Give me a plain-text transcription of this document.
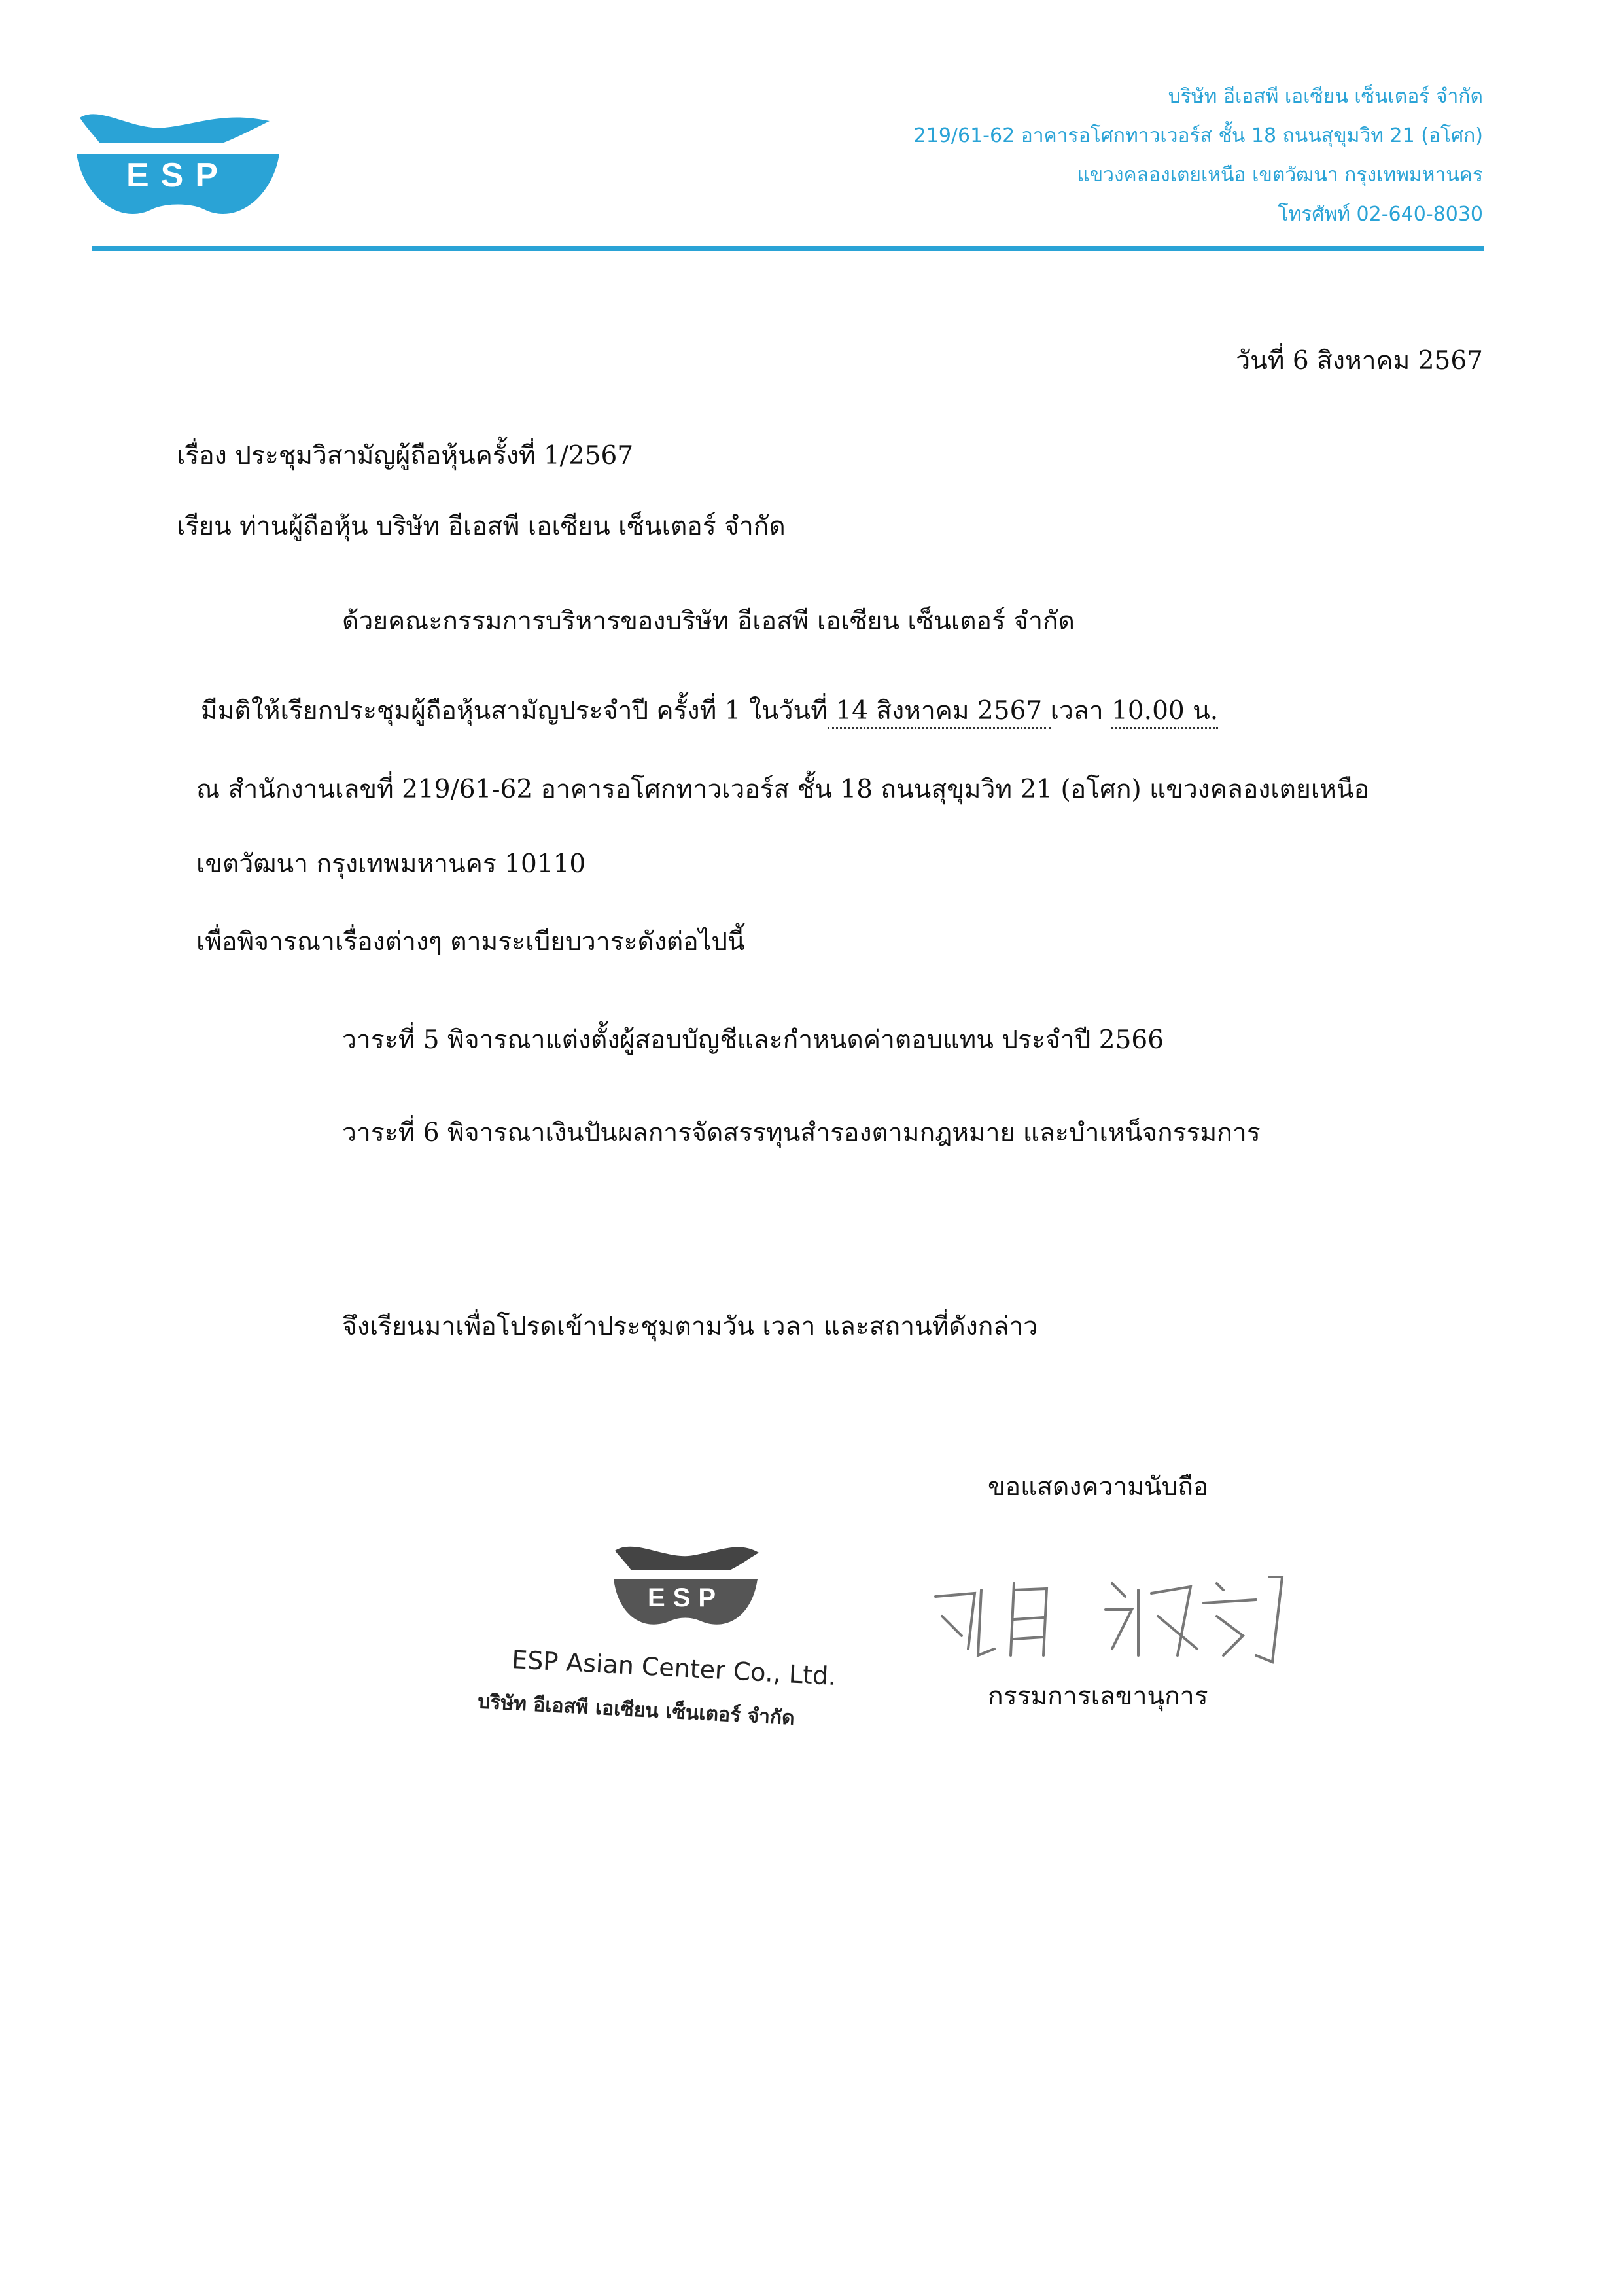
ESP
บริษัท อีเอสพี เอเซียน เซ็นเตอร์ จำกัด
219/61-62 อาคารอโศกทาวเวอร์ส ชั้น 18 ถนนสุขุมวิท 21 (อโศก)
แขวงคลองเตยเหนือ เขตวัฒนา กรุงเทพมหานคร
โทรศัพท์ 02-640-8030
วันที่ 6 สิงหาคม 2567
เรื่อง ประชุมวิสามัญผู้ถือหุ้นครั้งที่ 1/2567
เรียน ท่านผู้ถือหุ้น บริษัท อีเอสพี เอเซียน เซ็นเตอร์ จำกัด
ด้วยคณะกรรมการบริหารของบริษัท อีเอสพี เอเซียน เซ็นเตอร์ จำกัด
มีมติให้เรียกประชุมผู้ถือหุ้นสามัญประจำปี ครั้งที่ 1 ในวันที่ 14 สิงหาคม 2567 เวลา 10.00 น.
ณ สำนักงานเลขที่ 219/61-62 อาคารอโศกทาวเวอร์ส ชั้น 18 ถนนสุขุมวิท 21 (อโศก) แขวงคลองเตยเหนือ
เขตวัฒนา กรุงเทพมหานคร 10110
เพื่อพิจารณาเรื่องต่างๆ ตามระเบียบวาระดังต่อไปนี้
วาระที่ 5 พิจารณาแต่งตั้งผู้สอบบัญชีและกำหนดค่าตอบแทน ประจำปี 2566
วาระที่ 6 พิจารณาเงินปันผลการจัดสรรทุนสำรองตามกฎหมาย และบำเหน็จกรรมการ
จึงเรียนมาเพื่อโปรดเข้าประชุมตามวัน เวลา และสถานที่ดังกล่าว
ขอแสดงความนับถือ
ESP
ESP Asian Center Co., Ltd.
บริษัท อีเอสพี เอเซียน เซ็นเตอร์ จำกัด	กรรมการเลขานุการ
